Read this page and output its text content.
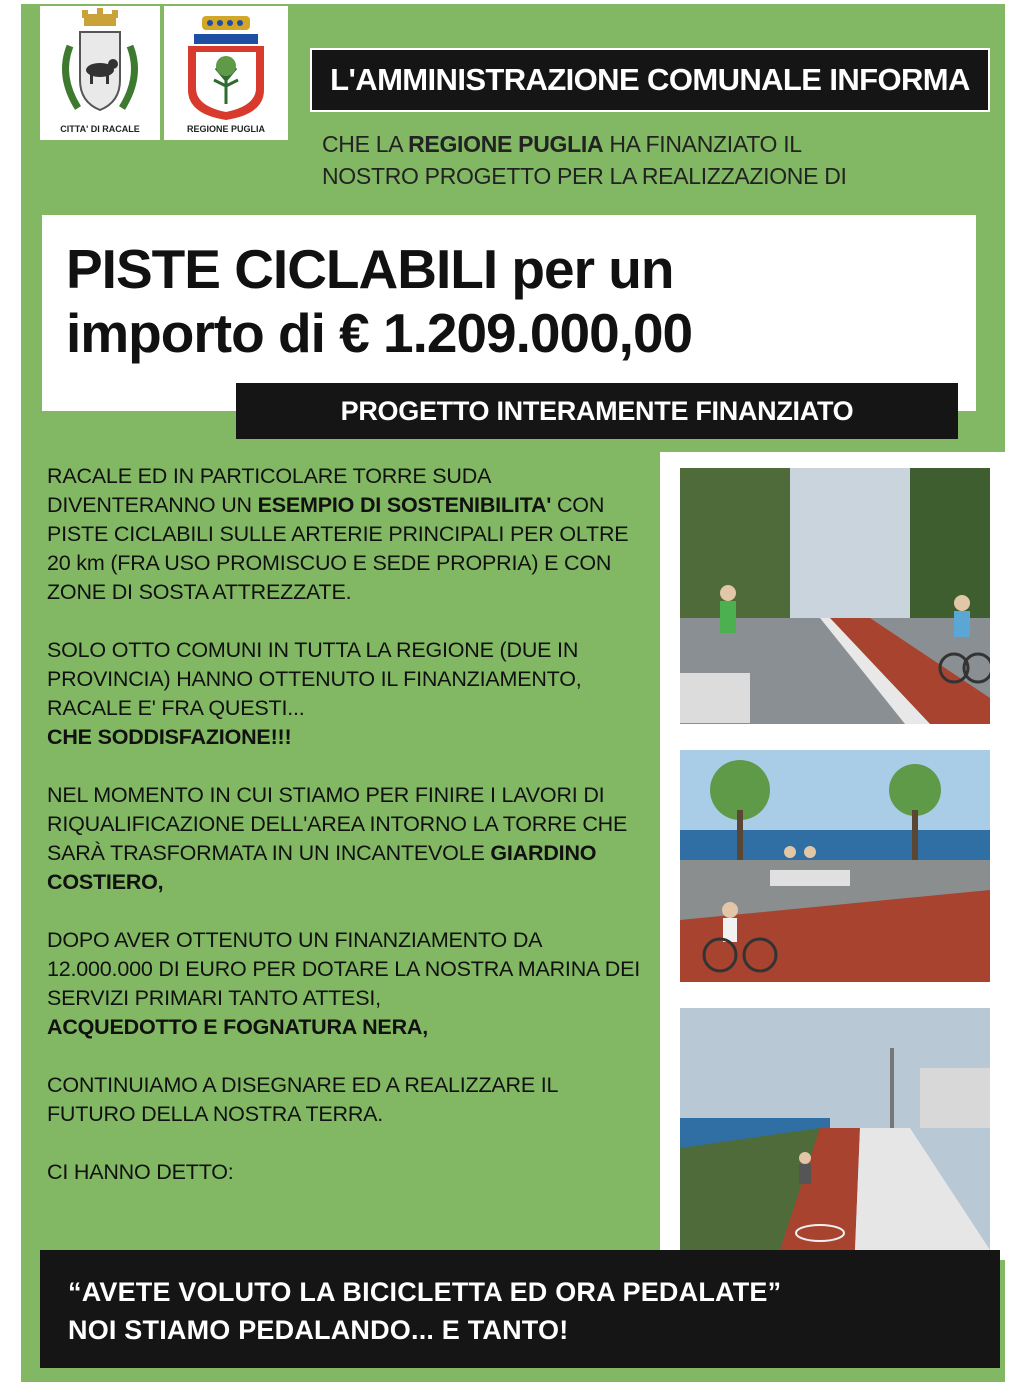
CITTA' DI RACALE	REGIONE PUGLIA
L'AMMINISTRAZIONE COMUNALE INFORMA
CHE LA REGIONE PUGLIA HA FINANZIATO IL
NOSTRO PROGETTO PER LA REALIZZAZIONE DI
PISTE CICLABILI per un
importo di € 1.209.000,00
PROGETTO INTERAMENTE FINANZIATO

RACALE ED IN PARTICOLARE TORRE SUDA DIVENTERANNO UN ESEMPIO DI SOSTENIBILITA' CON PISTE CICLABILI SULLE ARTERIE PRINCIPALI PER OLTRE 20 km (FRA USO PROMISCUO E SEDE PROPRIA) E CON ZONE DI SOSTA ATTREZZATE.

SOLO OTTO COMUNI IN TUTTA LA REGIONE (DUE IN PROVINCIA) HANNO OTTENUTO IL FINANZIAMENTO, RACALE E' FRA QUESTI...
CHE SODDISFAZIONE!!!

NEL MOMENTO IN CUI STIAMO PER FINIRE I LAVORI DI RIQUALIFICAZIONE DELL'AREA INTORNO LA TORRE CHE SARÀ TRASFORMATA IN UN INCANTEVOLE GIARDINO COSTIERO,

DOPO AVER OTTENUTO UN FINANZIAMENTO DA 12.000.000 DI EURO PER DOTARE LA NOSTRA MARINA DEI SERVIZI PRIMARI TANTO ATTESI,
ACQUEDOTTO E FOGNATURA NERA,

CONTINUIAMO A DISEGNARE ED A REALIZZARE IL FUTURO DELLA NOSTRA TERRA.

CI HANNO DETTO:

“AVETE VOLUTO LA BICICLETTA ED ORA PEDALATE”
NOI STIAMO PEDALANDO... E TANTO!
